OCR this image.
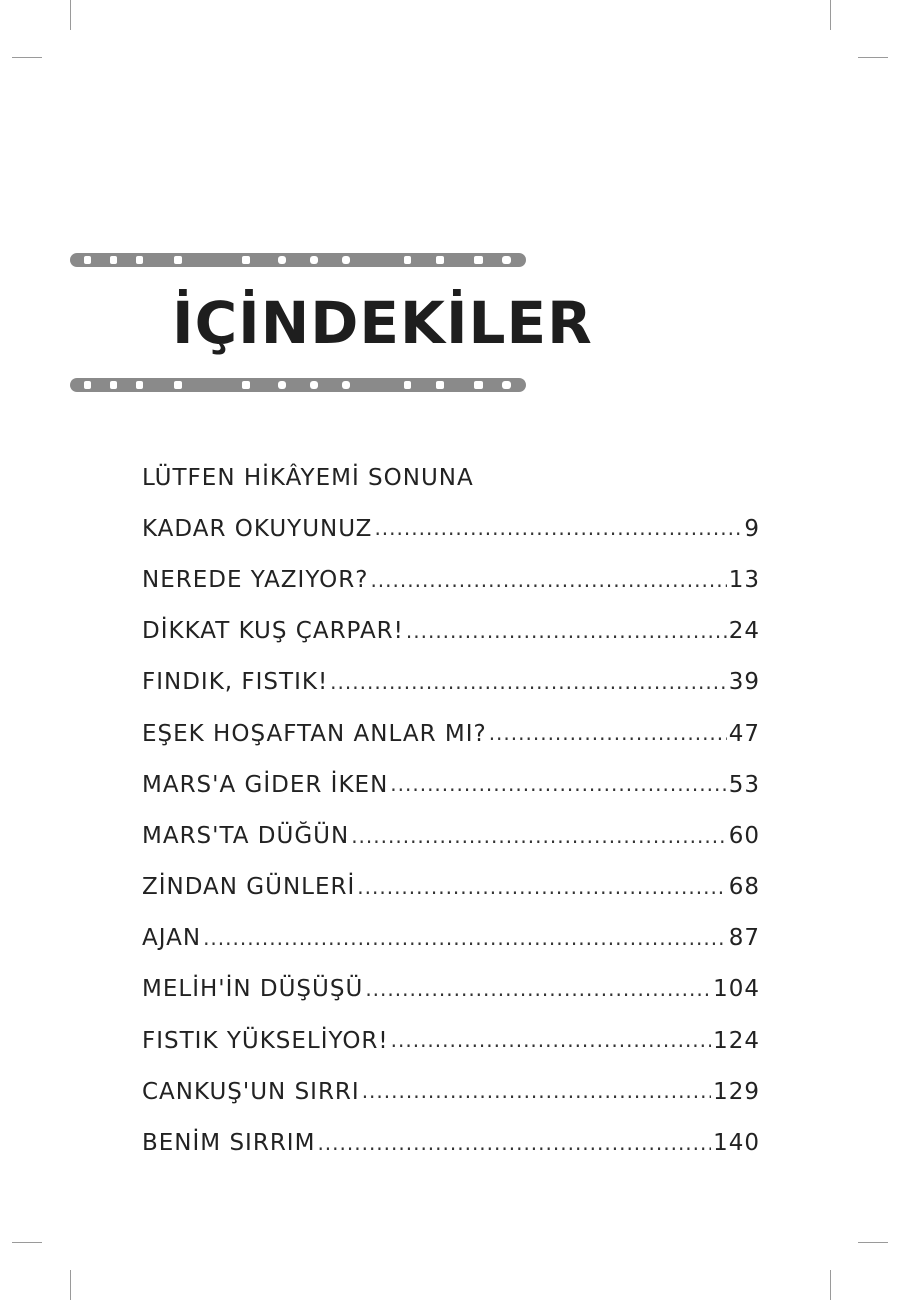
İÇİNDEKİLER
LÜTFEN HİKÂYEMİ SONUNA
KADAR OKUYUNUZ .....	9
NEREDE YAZIYOR? .....	13
DİKKAT KUŞ ÇARPAR! .....	24
FINDIK, FISTIK! .....	39
EŞEK HOŞAFTAN ANLAR MI? .....	47
MARS'A GİDER İKEN .....	53
MARS'TA DÜĞÜN .....	60
ZİNDAN GÜNLERİ .....	68
AJAN .....	87
MELİH'İN DÜŞÜŞÜ .....	104
FISTIK YÜKSELİYOR! .....	124
CANKUŞ'UN SIRRI .....	129
BENİM SIRRIM .....	140
